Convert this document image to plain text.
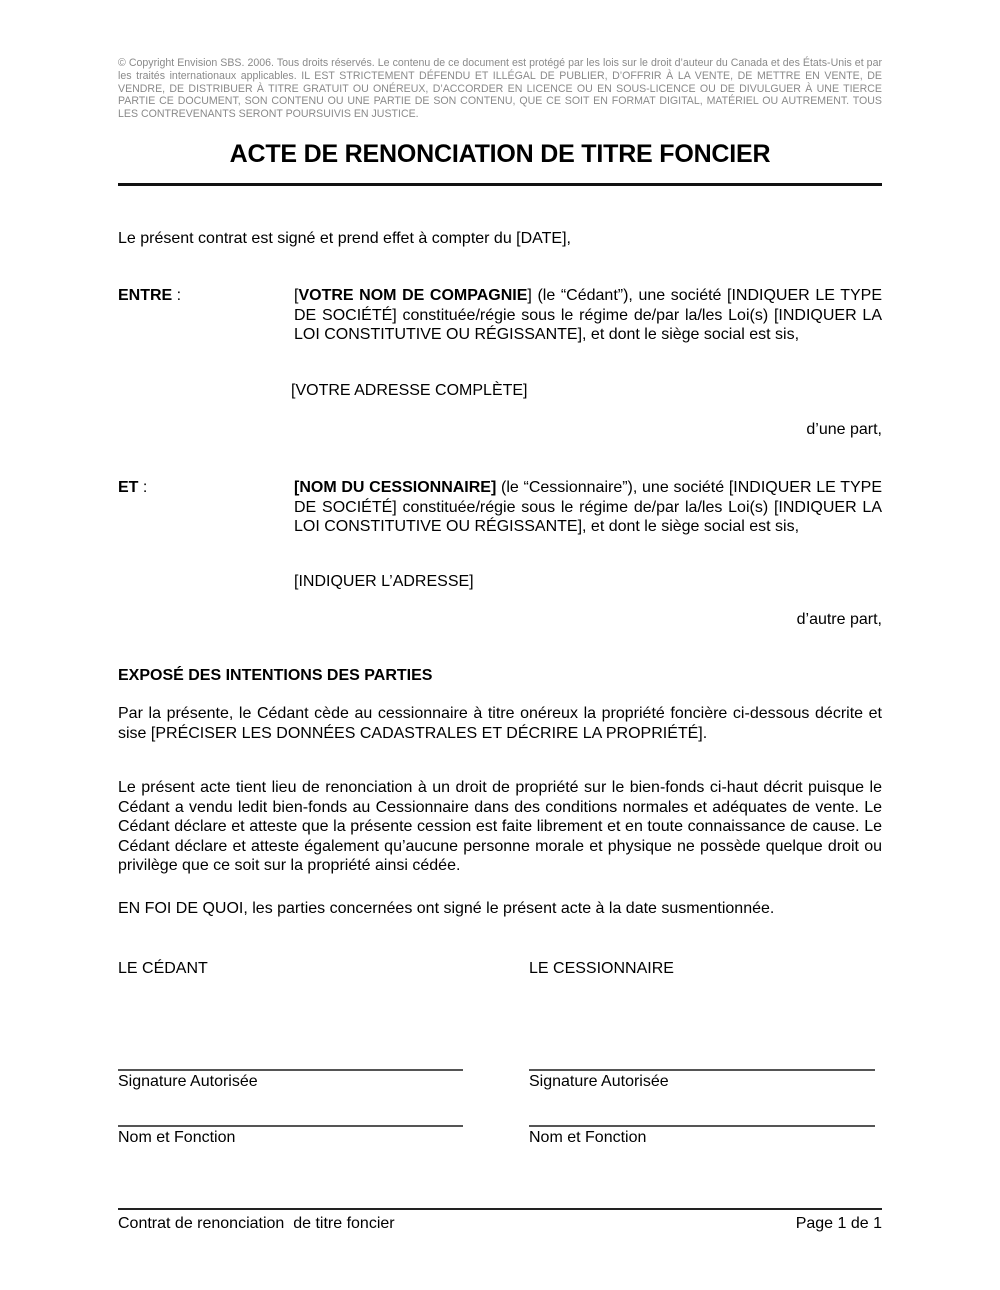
© Copyright Envision SBS. 2006. Tous droits réservés. Le contenu de ce document est protégé par les lois sur le droit d’auteur du Canada et des États-Unis et par les traités internationaux applicables. IL EST STRICTEMENT DÉFENDU ET ILLÉGAL DE PUBLIER, D’OFFRIR À LA VENTE, DE METTRE EN VENTE, DE VENDRE, DE DISTRIBUER À TITRE GRATUIT OU ONÉREUX, D’ACCORDER EN LICENCE OU EN SOUS-LICENCE OU DE DIVULGUER À UNE TIERCE PARTIE CE DOCUMENT, SON CONTENU OU UNE PARTIE DE SON CONTENU, QUE CE SOIT EN FORMAT DIGITAL, MATÉRIEL OU AUTREMENT. TOUS LES CONTREVENANTS SERONT POURSUIVIS EN JUSTICE.
ACTE DE RENONCIATION DE TITRE FONCIER
Le présent contrat est signé et prend effet à compter du [DATE],
ENTRE :	[VOTRE NOM DE COMPAGNIE] (le “Cédant”), une société [INDIQUER LE TYPE DE SOCIÉTÉ] constituée/régie sous le régime de/par la/les Loi(s) [INDIQUER LA LOI CONSTITUTIVE OU RÉGISSANTE], et dont le siège social est sis,
[VOTRE ADRESSE COMPLÈTE]
d’une part,
ET :	[NOM DU CESSIONNAIRE] (le “Cessionnaire”), une société [INDIQUER LE TYPE DE SOCIÉTÉ] constituée/régie sous le régime de/par la/les Loi(s) [INDIQUER LA LOI CONSTITUTIVE OU RÉGISSANTE], et dont le siège social est sis,
[INDIQUER L’ADRESSE]
d’autre part,
EXPOSÉ DES INTENTIONS DES PARTIES
Par la présente, le Cédant cède au cessionnaire à titre onéreux la propriété foncière ci-dessous décrite et sise [PRÉCISER LES DONNÉES CADASTRALES ET DÉCRIRE LA PROPRIÉTÉ].
Le présent acte tient lieu de renonciation à un droit de propriété sur le bien-fonds ci-haut décrit puisque le Cédant a vendu ledit bien-fonds au Cessionnaire dans des conditions normales et adéquates de vente. Le Cédant déclare et atteste que la présente cession est faite librement et en toute connaissance de cause. Le Cédant déclare et atteste également qu’aucune personne morale et physique ne possède quelque droit ou privilège que ce soit sur la propriété ainsi cédée.
EN FOI DE QUOI, les parties concernées ont signé le présent acte à la date susmentionnée.
LE CÉDANT	LE CESSIONNAIRE
Signature Autorisée	Signature Autorisée
Nom et Fonction	Nom et Fonction
Contrat de renonciation  de titre foncier	Page 1 de 1
